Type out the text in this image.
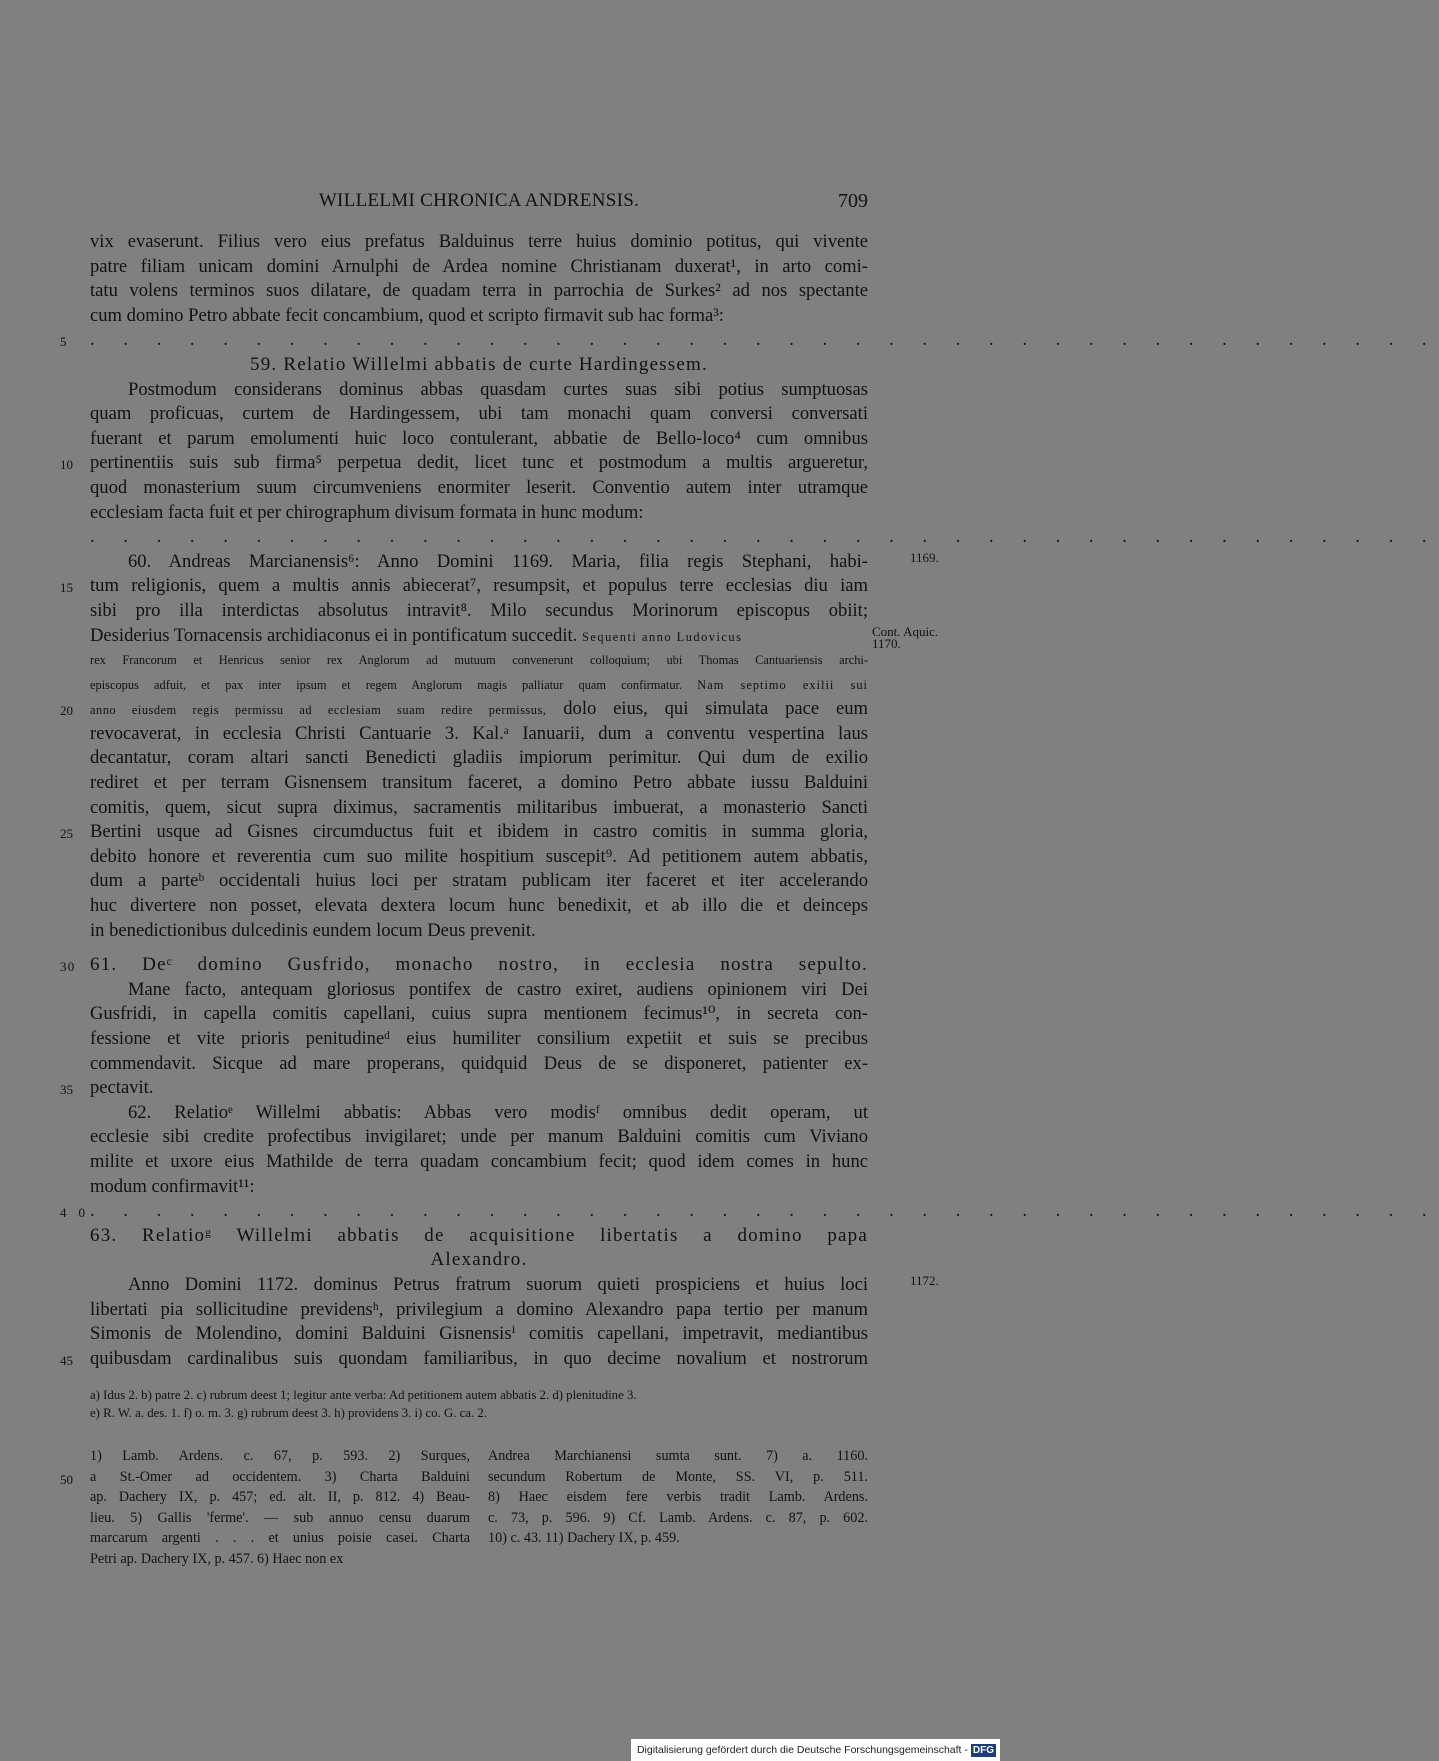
WILLELMI CHRONICA ANDRENSIS.	709
vix evaserunt. Filius vero eius prefatus Balduinus terre huius dominio potitus, qui vivente
patre filiam unicam domini Arnulphi de Ardea nomine Christianam duxerat¹, in arto comi-
tatu volens terminos suos dilatare, de quadam terra in parrochia de Surkes² ad nos spectante
cum domino Petro abbate fecit concambium, quod et scripto firmavit sub hac forma³:
5 . . . . . . . . . . . . . . . . . . . . . . . . . . . . . . . . . . . . . . . . .
59. Relatio Willelmi abbatis de curte Hardingessem.
Postmodum considerans dominus abbas quasdam curtes suas sibi potius sumptuosas
quam proficuas, curtem de Hardingessem, ubi tam monachi quam conversi conversati
fuerant et parum emolumenti huic loco contulerant, abbatie de Bello-loco⁴ cum omnibus
10 pertinentiis suis sub firma⁵ perpetua dedit, licet tunc et postmodum a multis argueretur,
quod monasterium suum circumveniens enormiter leserit. Conventio autem inter utramque
ecclesiam facta fuit et per chirographum divisum formata in hunc modum:
. . . . . . . . . . . . . . . . . . . . . . . . . . . . . . . . . . . . . . . . .
60. Andreas Marcianensis⁶: Anno Domini 1169. Maria, filia regis Stephani, habi-	1169.
15 tum religionis, quem a multis annis abiecerat⁷, resumpsit, et populus terre ecclesias diu iam
sibi pro illa interdictas absolutus intravit⁸. Milo secundus Morinorum episcopus obiit;
Desiderius Tornacensis archidiaconus ei in pontificatum succedit. Sequenti anno Ludovicus	Cont. Aquic.
1170.
rex Francorum et Henricus senior rex Anglorum ad mutuum convenerunt colloquium; ubi Thomas Cantuariensis archi-
episcopus adfuit, et pax inter ipsum et regem Anglorum magis palliatur quam confirmatur. Nam septimo exilii sui
20 anno eiusdem regis permissu ad ecclesiam suam redire permissus, dolo eius, qui simulata pace eum
revocaverat, in ecclesia Christi Cantuarie 3. Kal.ᵃ Ianuarii, dum a conventu vespertina laus
decantatur, coram altari sancti Benedicti gladiis impiorum perimitur. Qui dum de exilio
rediret et per terram Gisnensem transitum faceret, a domino Petro abbate iussu Balduini
comitis, quem, sicut supra diximus, sacramentis militaribus imbuerat, a monasterio Sancti
25 Bertini usque ad Gisnes circumductus fuit et ibidem in castro comitis in summa gloria,
debito honore et reverentia cum suo milite hospitium suscepit⁹. Ad petitionem autem abbatis,
dum a parteᵇ occidentali huius loci per stratam publicam iter faceret et iter accelerando
huc divertere non posset, elevata dextera locum hunc benedixit, et ab illo die et deinceps
in benedictionibus dulcedinis eundem locum Deus prevenit.
30 61. Deᶜ domino Gusfrido, monacho nostro, in ecclesia nostra sepulto.
Mane facto, antequam gloriosus pontifex de castro exiret, audiens opinionem viri Dei
Gusfridi, in capella comitis capellani, cuius supra mentionem fecimus¹⁰, in secreta con-
fessione et vite prioris penitudineᵈ eius humiliter consilium expetiit et suis se precibus
commendavit. Sicque ad mare properans, quidquid Deus de se disponeret, patienter ex-
35 pectavit.
62. Relatioᵉ Willelmi abbatis: Abbas vero modisᶠ omnibus dedit operam, ut
ecclesie sibi credite profectibus invigilaret; unde per manum Balduini comitis cum Viviano
milite et uxore eius Mathilde de terra quadam concambium fecit; quod idem comes in hunc
modum confirmavit¹¹:
40
. . . . . . . . . . . . . . . . . . . . . . . . . . . . . . . . . . . . . . . . .
63. Relatioᵍ Willelmi abbatis de acquisitione libertatis a domino papa
Alexandro.
Anno Domini 1172. dominus Petrus fratrum suorum quieti prospiciens et huius loci	1172.
libertati pia sollicitudine previdensʰ, privilegium a domino Alexandro papa tertio per manum
Simonis de Molendino, domini Balduini Gisnensisⁱ comitis capellani, impetravit, mediantibus
45 quibusdam cardinalibus suis quondam familiaribus, in quo decime novalium et nostrorum
a) Idus 2. b) patre 2. c) rubrum deest 1; legitur ante verba: Ad petitionem autem abbatis 2. d) plenitudine 3.
e) R. W. a. des. 1. f) o. m. 3. g) rubrum deest 3. h) providens 3. i) co. G. ca. 2.
1) Lamb. Ardens. c. 67, p. 593. 2) Surques,
50 a St.-Omer ad occidentem. 3) Charta Balduini
ap. Dachery IX, p. 457; ed. alt. II, p. 812. 4) Beau-
lieu. 5) Gallis 'ferme'. — sub annuo censu duarum
marcarum argenti . . . et unius poisie casei. Charta
Petri ap. Dachery IX, p. 457. 6) Haec non ex
Andrea Marchianensi sumta sunt. 7) a. 1160.
secundum Robertum de Monte, SS. VI, p. 511.
8) Haec eisdem fere verbis tradit Lamb. Ardens.
c. 73, p. 596. 9) Cf. Lamb. Ardens. c. 87, p. 602.
10) c. 43. 11) Dachery IX, p. 459.
Digitalisierung gefördert durch die Deutsche Forschungsgemeinschaft - DFG
